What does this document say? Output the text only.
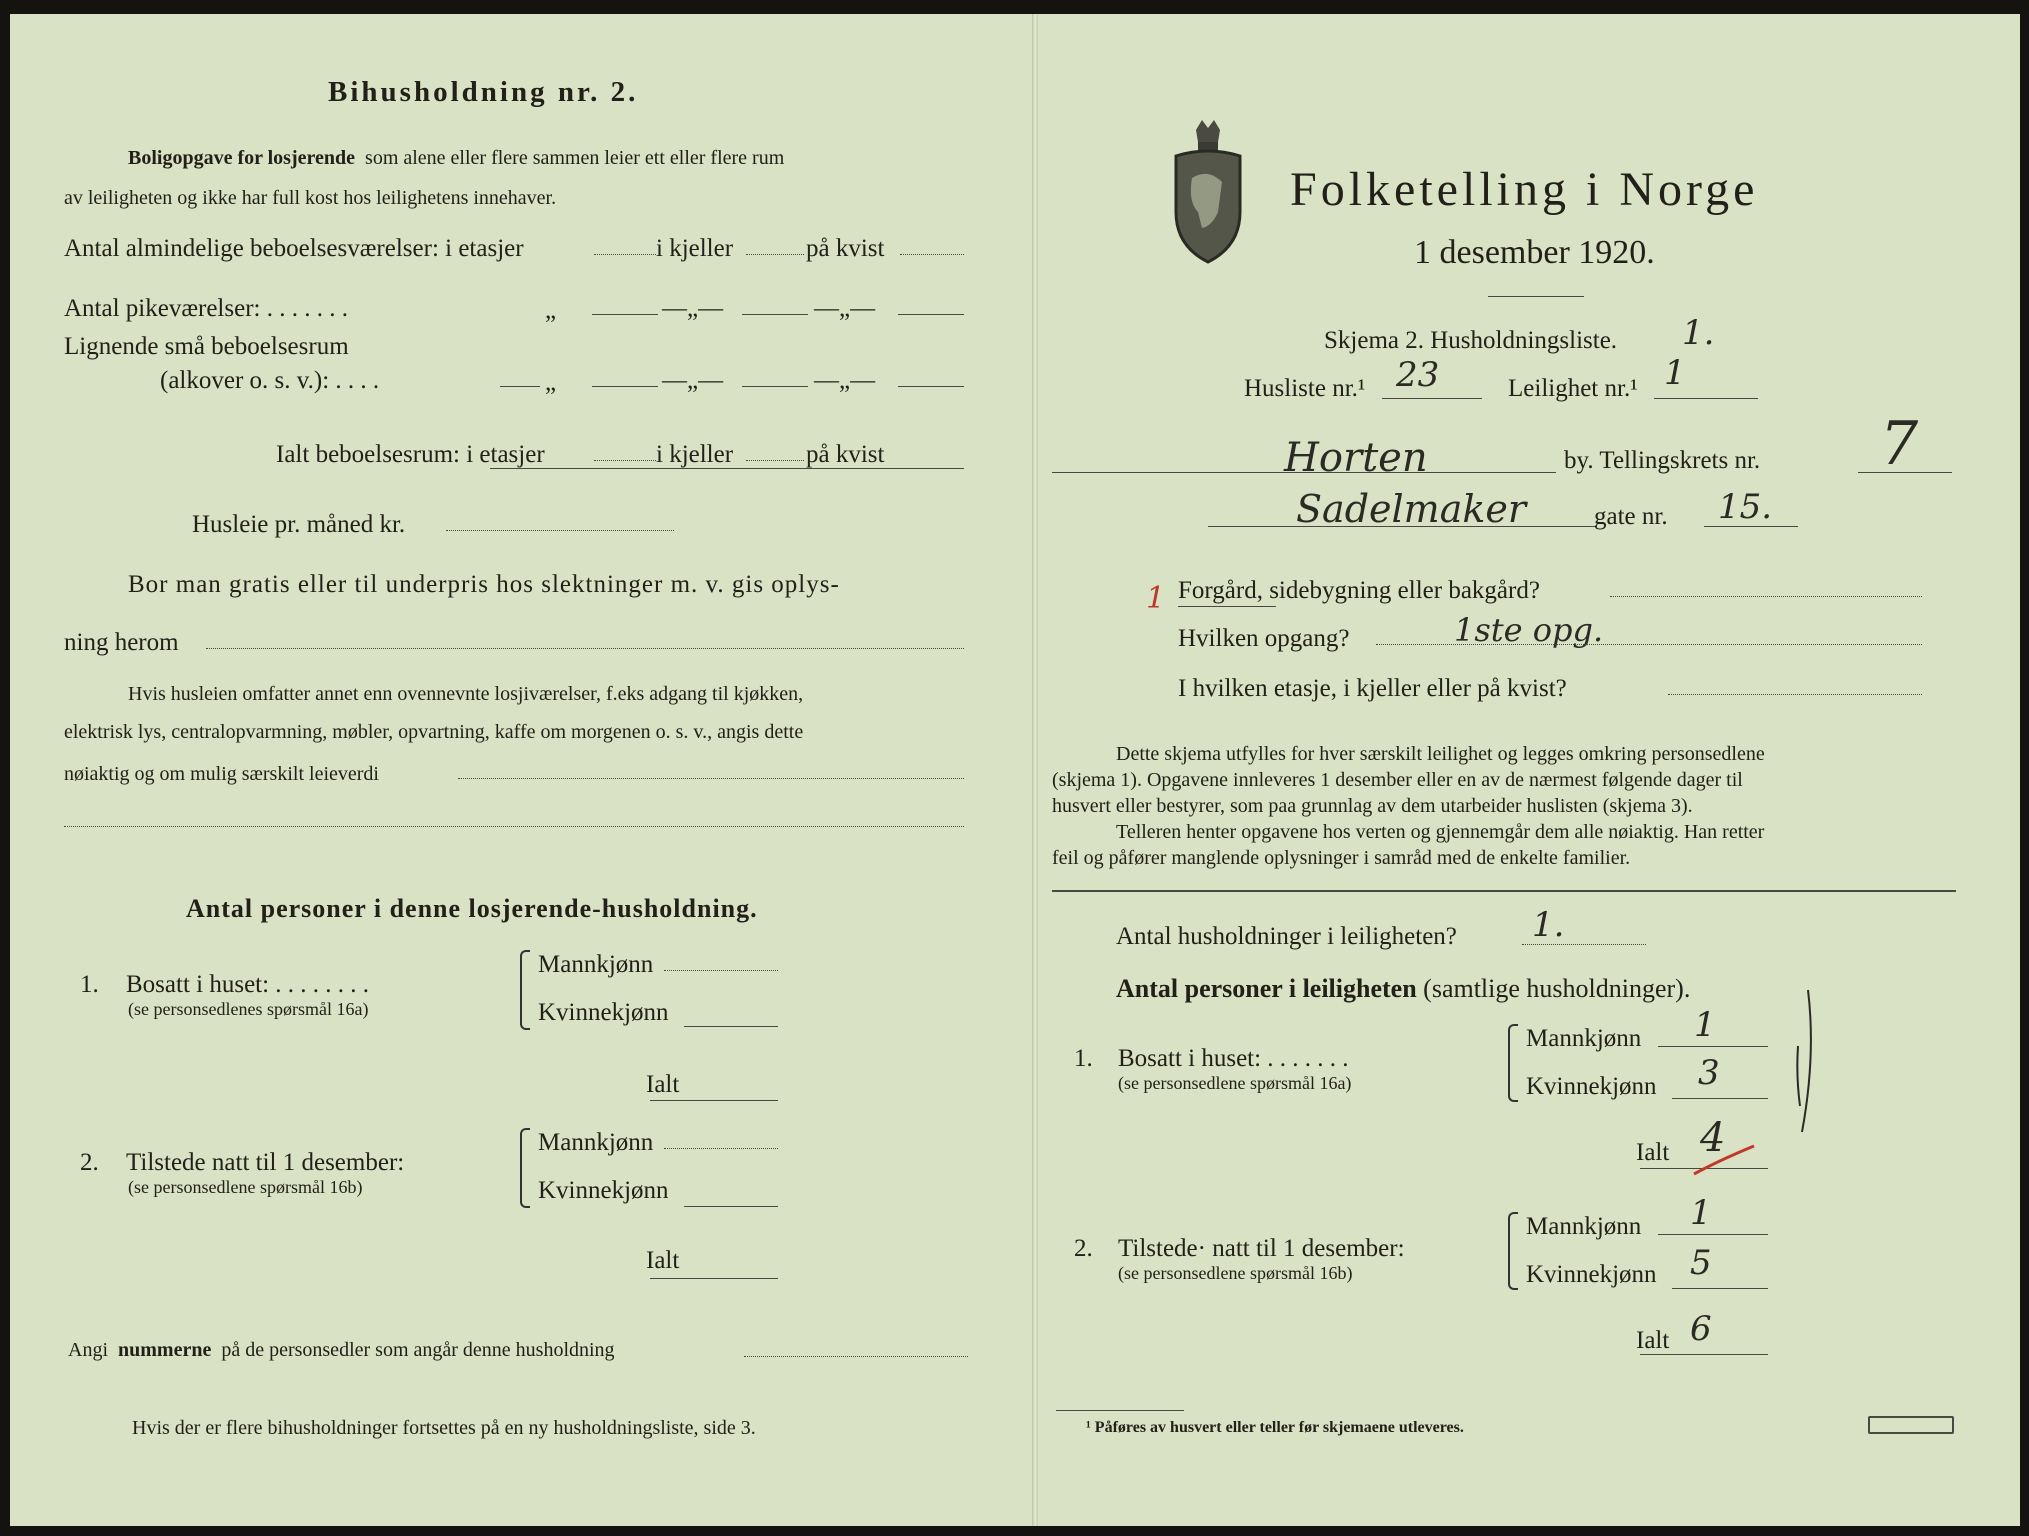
Bihusholdning nr. 2.
Boligopgave for losjerende som alene eller flere sammen leier ett eller flere rum
av leiligheten og ikke har full kost hos leilighetens innehaver.
Antal almindelige beboelsesværelser: i etasjer	i kjeller	på kvist
Antal pikeværelser: . . . . . . .	„	—„—	—„—
Lignende små beboelsesrum
(alkover o. s. v.): . . . .	„	—„—	—„—
Ialt beboelsesrum: i etasjer	i kjeller	på kvist
Husleie pr. måned kr.
Bor man gratis eller til underpris hos slektninger m. v. gis oplys-
ning herom
Hvis husleien omfatter annet enn ovennevnte losjiværelser, f.eks adgang til kjøkken,
elektrisk lys, centralopvarmning, møbler, opvartning, kaffe om morgenen o. s. v., angis dette
nøiaktig og om mulig særskilt leieverdi
Antal personer i denne losjerende-husholdning.
1. Bosatt i huset: . . . . . . . .
(se personsedlenes spørsmål 16a)
Mannkjønn
Kvinnekjønn
Ialt
2. Tilstede natt til 1 desember:
(se personsedlene spørsmål 16b)
Mannkjønn
Kvinnekjønn
Ialt
Angi nummerne på de personsedler som angår denne husholdning
Hvis der er flere bihusholdninger fortsettes på en ny husholdningsliste, side 3.
Folketelling i Norge
1 desember 1920.
Skjema 2. Husholdningsliste. 1.
Husliste nr.¹ 23	Leilighet nr.¹ 1
Horten	by. Tellingskrets nr. 7
Sadelmaker	gate nr. 15.
1 Forgård, sidebygning eller bakgård?
Hvilken opgang?	1ste opg.
I hvilken etasje, i kjeller eller på kvist?
Dette skjema utfylles for hver særskilt leilighet og legges omkring personsedlene
(skjema 1). Opgavene innleveres 1 desember eller en av de nærmest følgende dager til
husvert eller bestyrer, som paa grunnlag av dem utarbeider huslisten (skjema 3).
Telleren henter opgavene hos verten og gjennemgår dem alle nøiaktig. Han retter
feil og påfører manglende oplysninger i samråd med de enkelte familier.
Antal husholdninger i leiligheten? 1.
Antal personer i leiligheten (samtlige husholdninger).
1. Bosatt i huset: . . . . . . .
(se personsedlene spørsmål 16a)
Mannkjønn 1
Kvinnekjønn 3
Ialt 4
2. Tilstede· natt til 1 desember:
(se personsedlene spørsmål 16b)
Mannkjønn 1
Kvinnekjønn 5
Ialt 6
¹ Påføres av husvert eller teller før skjemaene utleveres.
